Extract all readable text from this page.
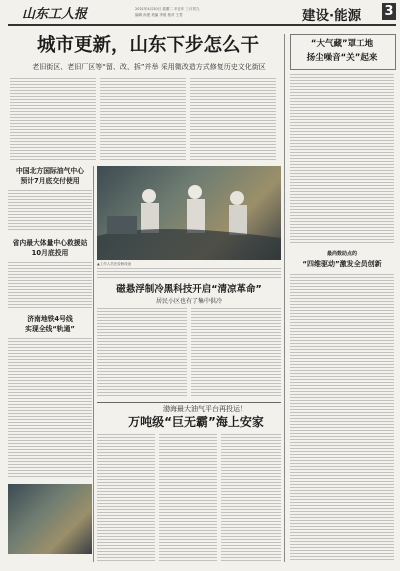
山东工人报	2021年4月20日 星期二 辛丑年 三月初九
编辑 孙建 美编 李波 校对 王君	建设·能源 3
城市更新，山东下步怎么干
老旧街区、老旧厂区等“留、改、拆”并举 采用微改造方式修复历史文化街区
“大气藏”罩工地
扬尘噪音“关”起来
最尚数助点的
“四维驱动”激发全员创新
中国北方国际油气中心
预计7月底交付使用
省内最大体量中心救援站
10月底投用
济南地铁4号线
实现全线“轨通”
▲工作人员在检修设备
磁悬浮制冷黑科技开启“清凉革命”
居民小区也有了集中供冷
渤海最大油气平台再投运！
万吨级“巨无霸”海上安家
